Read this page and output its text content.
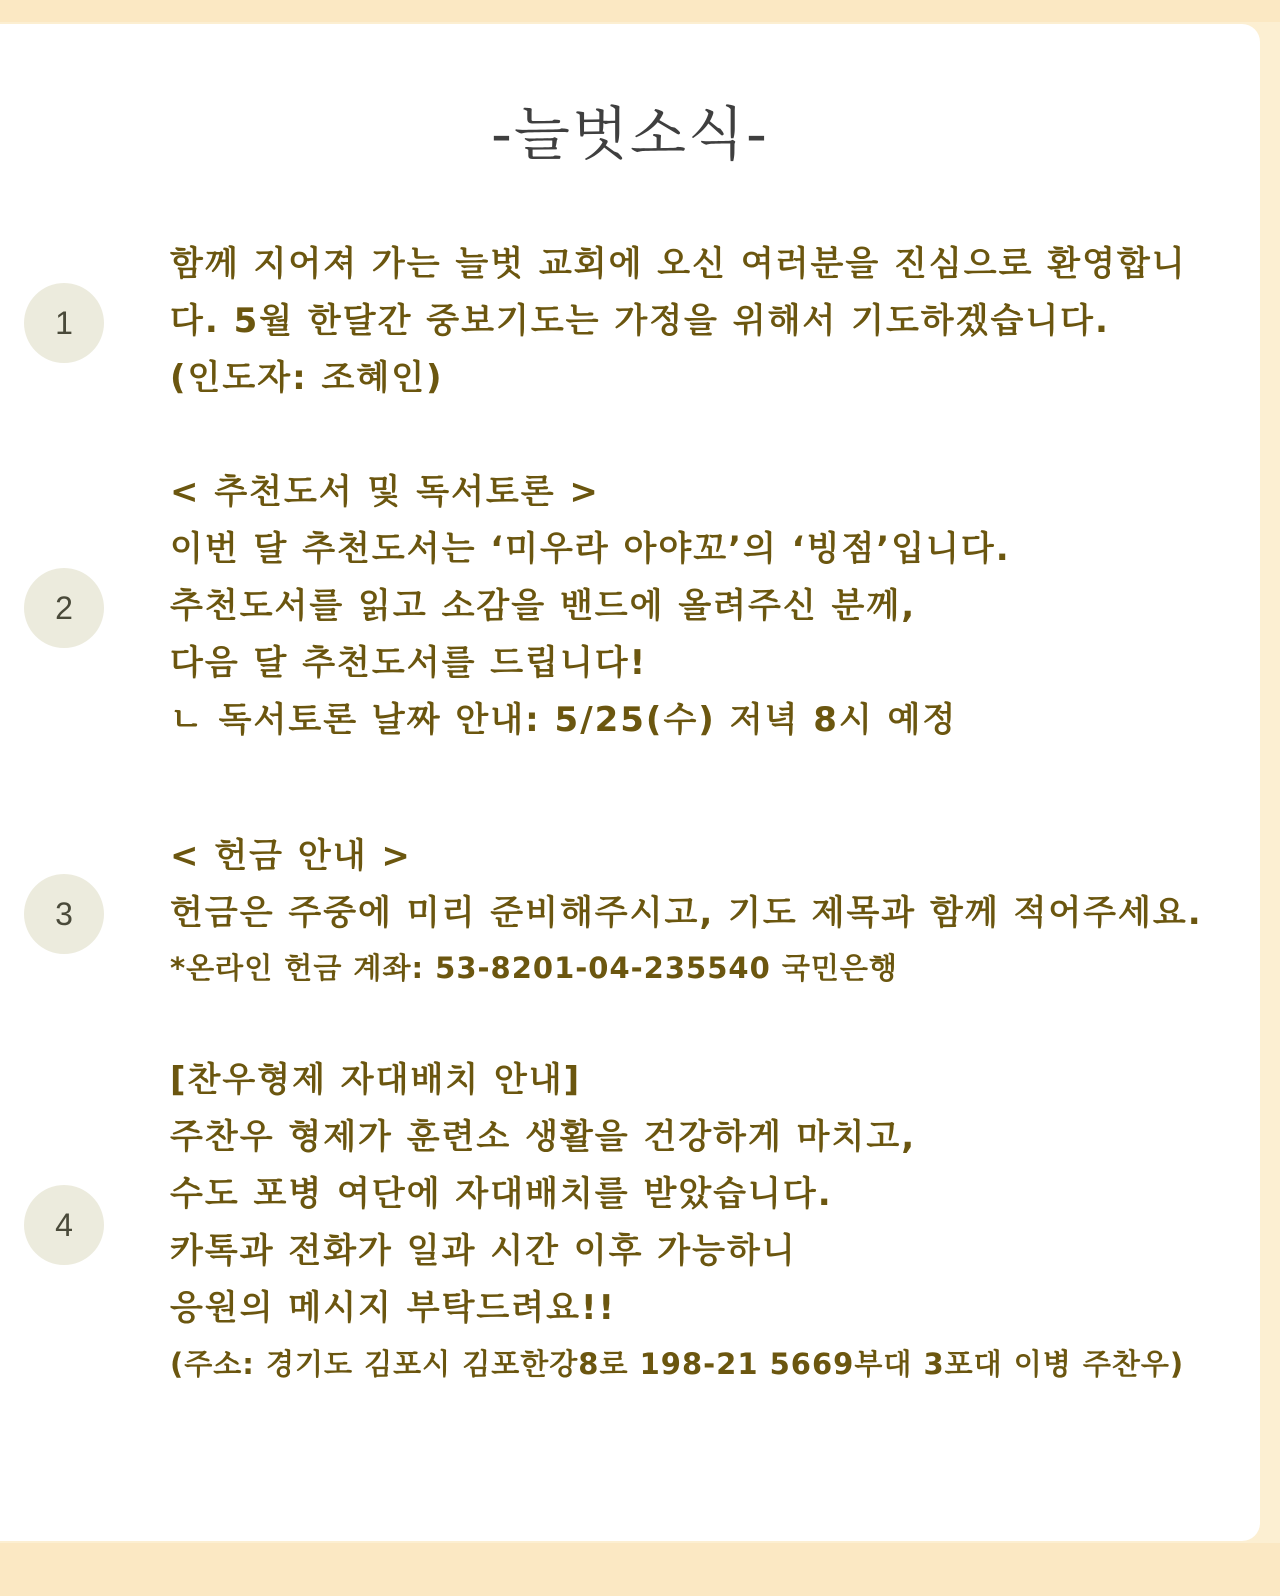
-늘벗소식-
1
함께 지어져 가는 늘벗 교회에 오신 여러분을 진심으로 환영합니
다. 5월 한달간 중보기도는 가정을 위해서 기도하겠습니다.
(인도자: 조혜인)
2
< 추천도서 및 독서토론 >
이번 달 추천도서는 ‘미우라 아야꼬’의 ‘빙점’입니다.
추천도서를 읽고 소감을 밴드에 올려주신 분께,
다음 달 추천도서를 드립니다!
ㄴ 독서토론 날짜 안내: 5/25(수) 저녁 8시 예정
3
< 헌금 안내 >
헌금은 주중에 미리 준비해주시고, 기도 제목과 함께 적어주세요.
*온라인 헌금 계좌: 53-8201-04-235540 국민은행
4
[찬우형제 자대배치 안내]
주찬우 형제가 훈련소 생활을 건강하게 마치고,
수도 포병 여단에 자대배치를 받았습니다.
카톡과 전화가 일과 시간 이후 가능하니
응원의 메시지 부탁드려요!!
(주소: 경기도 김포시 김포한강8로 198-21 5669부대 3포대 이병 주찬우)
